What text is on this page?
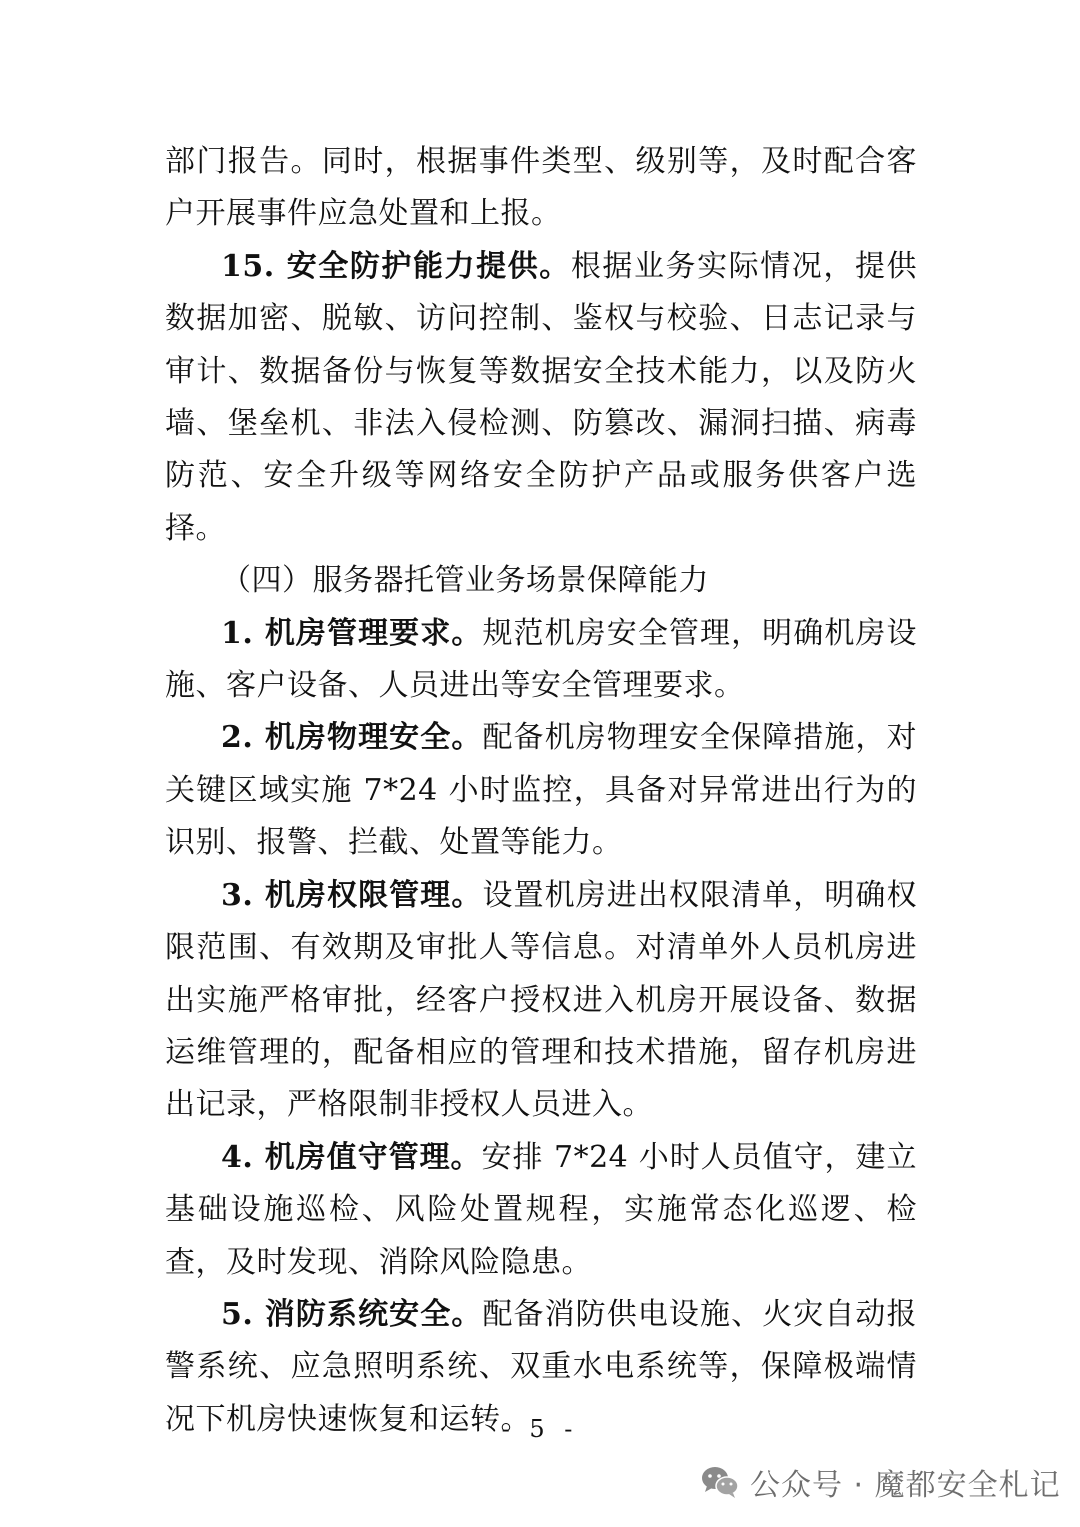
部门报告。同时，根据事件类型、级别等，及时配合客户开展事件应急处置和上报。

15. 安全防护能力提供。根据业务实际情况，提供数据加密、脱敏、访问控制、鉴权与校验、日志记录与审计、数据备份与恢复等数据安全技术能力，以及防火墙、堡垒机、非法入侵检测、防篡改、漏洞扫描、病毒防范、安全升级等网络安全防护产品或服务供客户选择。

（四）服务器托管业务场景保障能力

1. 机房管理要求。规范机房安全管理，明确机房设施、客户设备、人员进出等安全管理要求。

2. 机房物理安全。配备机房物理安全保障措施，对关键区域实施 7*24 小时监控，具备对异常进出行为的识别、报警、拦截、处置等能力。

3. 机房权限管理。设置机房进出权限清单，明确权限范围、有效期及审批人等信息。对清单外人员机房进出实施严格审批，经客户授权进入机房开展设备、数据运维管理的，配备相应的管理和技术措施，留存机房进出记录，严格限制非授权人员进入。

4. 机房值守管理。安排 7*24 小时人员值守，建立基础设施巡检、风险处置规程，实施常态化巡逻、检查，及时发现、消除风险隐患。

5. 消防系统安全。配备消防供电设施、火灾自动报警系统、应急照明系统、双重水电系统等，保障极端情况下机房快速恢复和运转。

- 5 -
公众号 · 魔都安全札记
